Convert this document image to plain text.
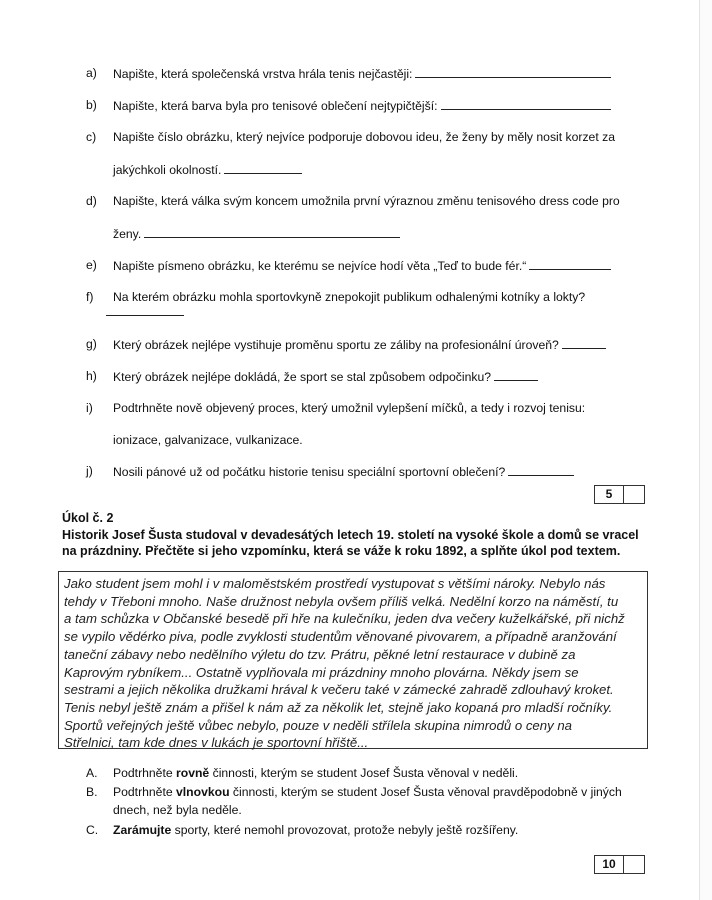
a) Napište, která společenská vrstva hrála tenis nejčastěji:
b) Napište, která barva byla pro tenisové oblečení nejtypičtější:
c) Napište číslo obrázku, který nejvíce podporuje dobovou ideu, že ženy by měly nosit korzet za
jakýchkoli okolností.
d) Napište, která válka svým koncem umožnila první výraznou změnu tenisového dress code pro
ženy.
e) Napište písmeno obrázku, ke kterému se nejvíce hodí věta „Teď to bude fér.“
f) Na kterém obrázku mohla sportovkyně znepokojit publikum odhalenými kotníky a lokty?
g) Který obrázek nejlépe vystihuje proměnu sportu ze záliby na profesionální úroveň?
h) Který obrázek nejlépe dokládá, že sport se stal způsobem odpočinku?
i) Podtrhněte nově objevený proces, který umožnil vylepšení míčků, a tedy i rozvoj tenisu:
ionizace, galvanizace, vulkanizace.
j) Nosili pánové už od počátku historie tenisu speciální sportovní oblečení?
5
Úkol č. 2
Historik Josef Šusta studoval v devadesátých letech 19. století na vysoké škole a domů se vracel
na prázdniny. Přečtěte si jeho vzpomínku, která se váže k roku 1892, a splňte úkol pod textem.
Jako student jsem mohl i v maloměstském prostředí vystupovat s většími nároky. Nebylo nás
tehdy v Třeboni mnoho. Naše družnost nebyla ovšem příliš velká. Nedělní korzo na náměstí, tu
a tam schůzka v Občanské besedě při hře na kulečníku, jeden dva večery kuželkářské, při nichž
se vypilo vědérko piva, podle zvyklosti studentům věnované pivovarem, a případně aranžování
taneční zábavy nebo nedělního výletu do tzv. Prátru, pěkné letní restaurace v dubině za
Kaprovým rybníkem... Ostatně vyplňovala mi prázdniny mnoho plovárna. Někdy jsem se
sestrami a jejich několika družkami hrával k večeru také v zámecké zahradě zdlouhavý kroket.
Tenis nebyl ještě znám a přišel k nám až za několik let, stejně jako kopaná pro mladší ročníky.
Sportů veřejných ještě vůbec nebylo, pouze v neděli střílela skupina nimrodů o ceny na
Střelnici, tam kde dnes v lukách je sportovní hřiště...
A. Podtrhněte rovně činnosti, kterým se student Josef Šusta věnoval v neděli.
B. Podtrhněte vlnovkou činnosti, kterým se student Josef Šusta věnoval pravděpodobně v jiných
dnech, než byla neděle.
C. Zarámujte sporty, které nemohl provozovat, protože nebyly ještě rozšířeny.
10
